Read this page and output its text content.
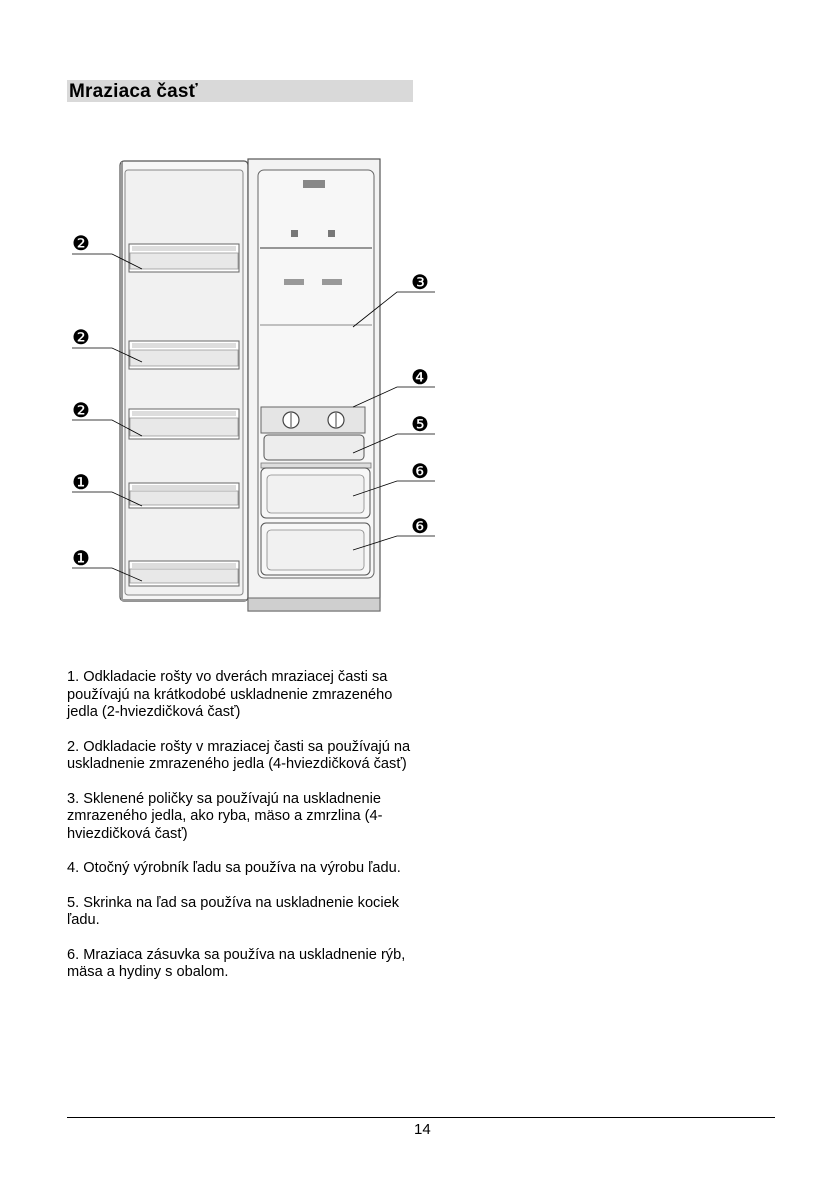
Mraziaca časť
❷
❷
❷
❶
❶
❸
❹
❺
❻
❻

1. Odkladacie rošty vo dverách mraziacej časti sa používajú na krátkodobé uskladnenie zmrazeného jedla (2-hviezdičková časť)

2. Odkladacie rošty v mraziacej časti sa používajú na uskladnenie zmrazeného jedla (4-hviezdičková časť)

3. Sklenené poličky sa používajú na uskladnenie zmrazeného jedla, ako ryba, mäso a zmrzlina (4-hviezdičková časť)

4. Otočný výrobník ľadu sa používa na výrobu ľadu.

5. Skrinka na ľad sa používa na uskladnenie kociek ľadu.

6. Mraziaca zásuvka sa používa na uskladnenie rýb, mäsa a hydiny s obalom.

14
